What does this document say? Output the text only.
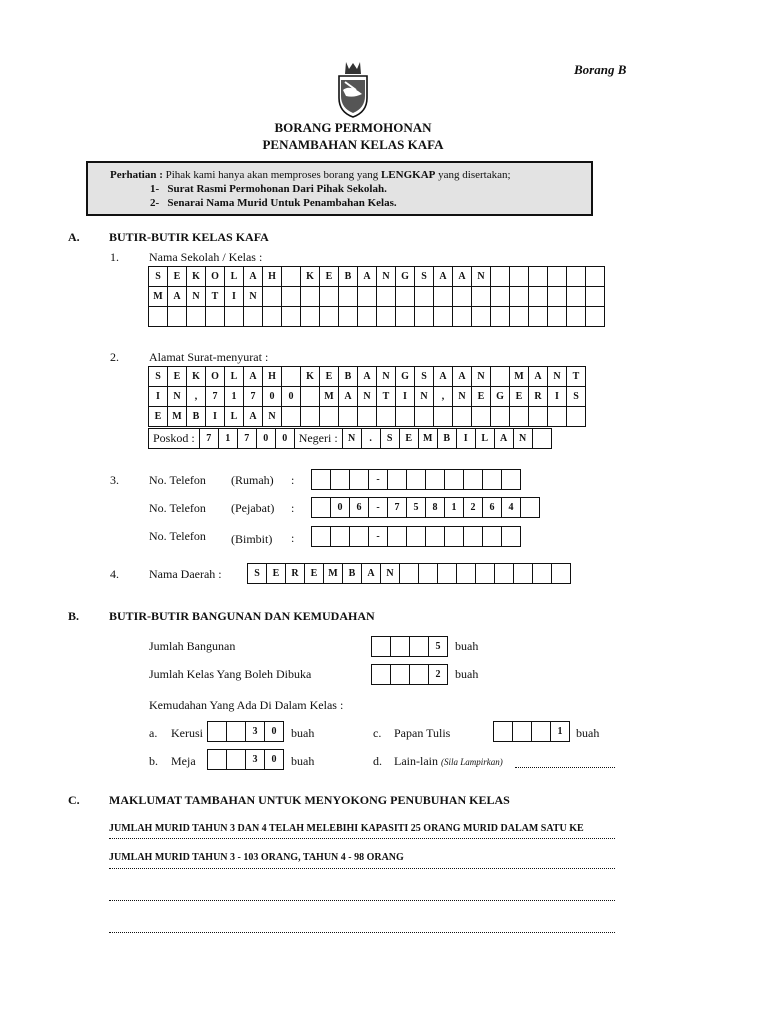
Borang B
BORANG PERMOHONAN
PENAMBAHAN KELAS KAFA
Perhatian : Pihak kami hanya akan memproses borang yang LENGKAP yang disertakan;
1- Surat Rasmi Permohonan Dari Pihak Sekolah.
2- Senarai Nama Murid Untuk Penambahan Kelas.
A. BUTIR-BUTIR KELAS KAFA
1.	Nama Sekolah / Kelas :
S	E	K	O	L	A	H		K	E	B	A	N	G	S	A	A	N						
M	A	N	T	I	N																		

2.	Alamat Surat-menyurat :
S	E	K	O	L	A	H		K	E	B	A	N	G	S	A	A	N		M	A	N	T
I	N	,	7	1	7	0	0		M	A	N	T	I	N	,	N	E	G	E	R	I	S
E	M	B	I	L	A	N																
Poskod :	7	1	7	0	0	Negeri :	N	.	S	E	M	B	I	L	A	N	
3.	No. Telefon (Rumah) :
				-							
No. Telefon (Pejabat) :
		0	6	-	7	5	8	1	2	6	4	
No. Telefon (Bimbit) :
				-							
4.	Nama Daerah :	S	E	R	E	M	B	A	N									
B. BUTIR-BUTIR BANGUNAN DAN KEMUDAHAN
Jumlah Bangunan
				5 buah
Jumlah Kelas Yang Boleh Dibuka
				2 buah
Kemudahan Yang Ada Di Dalam Kelas :
a. Kerusi
			3	0 buah
b. Meja
			3	0 buah
c. Papan Tulis
				1 buah
d. Lain-lain (Sila Lampirkan)
C. MAKLUMAT TAMBAHAN UNTUK MENYOKONG PENUBUHAN KELAS
JUMLAH MURID TAHUN 3 DAN 4 TELAH MELEBIHI KAPASITI 25 ORANG MURID DALAM SATU KE
JUMLAH MURID TAHUN 3 - 103 ORANG, TAHUN 4 - 98 ORANG
